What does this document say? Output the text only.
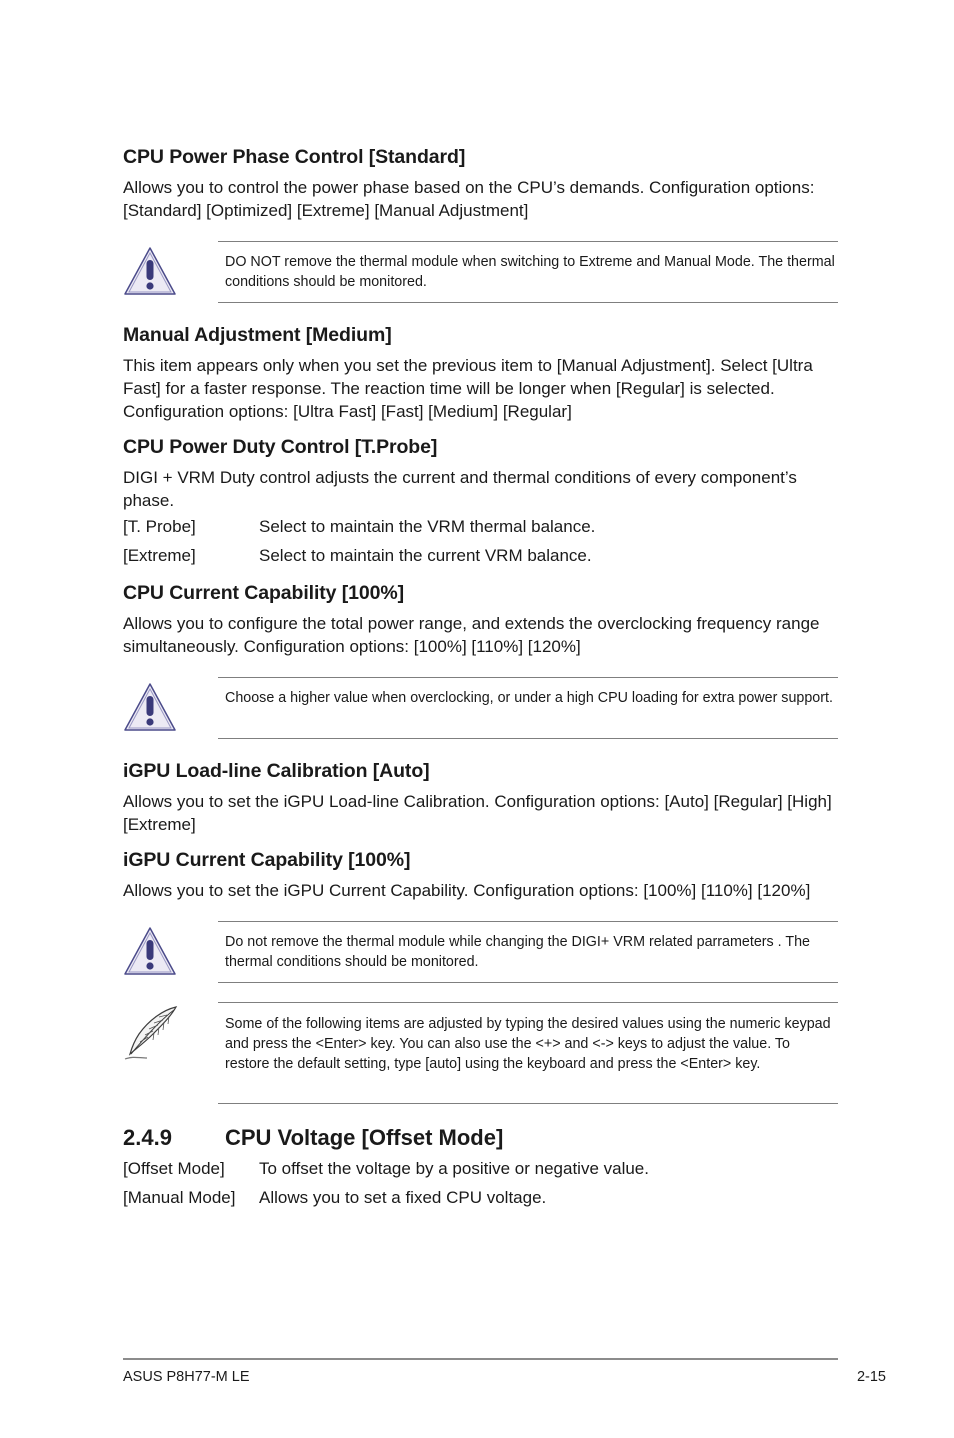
CPU Power Phase Control [Standard]

Allows you to control the power phase based on the CPU’s demands. Configuration options: [Standard] [Optimized] [Extreme] [Manual Adjustment]

DO NOT remove the thermal module when switching to Extreme and Manual Mode. The thermal conditions should be monitored.

Manual Adjustment [Medium]

This item appears only when you set the previous item to [Manual Adjustment]. Select [Ultra Fast] for a faster response. The reaction time will be longer when [Regular] is selected. Configuration options: [Ultra Fast] [Fast] [Medium] [Regular]

CPU Power Duty Control [T.Probe]

DIGI + VRM Duty control adjusts the current and thermal conditions of every component’s phase.

[T. Probe]	Select to maintain the VRM thermal balance.
[Extreme]	Select to maintain the current VRM balance.
CPU Current Capability [100%]

Allows you to configure the total power range, and extends the overclocking frequency range simultaneously. Configuration options: [100%] [110%] [120%]

Choose a higher value when overclocking, or under a high CPU loading for extra power support.

iGPU Load-line Calibration [Auto]

Allows you to set the iGPU Load-line Calibration. Configuration options: [Auto] [Regular] [High] [Extreme]

iGPU Current Capability [100%]

Allows you to set the iGPU Current Capability. Configuration options: [100%] [110%] [120%]

Do not remove the thermal module while changing the DIGI+ VRM related parrameters . The thermal conditions should be monitored.

Some of the following items are adjusted by typing the desired values using the numeric keypad and press the <Enter> key. You can also use the <+> and <-> keys to adjust the value. To restore the default setting, type [auto] using the keyboard and press the <Enter> key.

2.4.9 CPU Voltage [Offset Mode]
[Offset Mode] To offset the voltage by a positive or negative value.
[Manual Mode] Allows you to set a fixed CPU voltage.
ASUS P8H77-M LE	2-15
